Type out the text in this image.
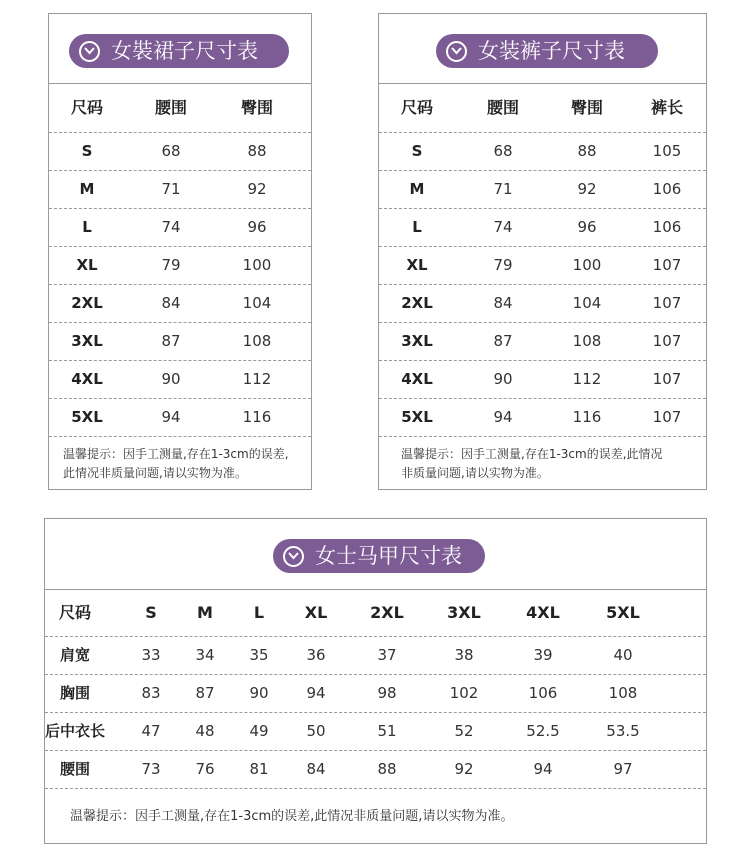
女裝裙子尺寸表
尺码	腰围	臀围
S	68	88
M	71	92
L	74	96
XL	79	100
2XL	84	104
3XL	87	108
4XL	90	112
5XL	94	116
温馨提示：因手工测量,存在1-3cm的误差,
此情况非质量问题,请以实物为准。
女装裤子尺寸表
尺码	腰围	臀围	裤长
S	68	88	105
M	71	92	106
L	74	96	106
XL	79	100	107
2XL	84	104	107
3XL	87	108	107
4XL	90	112	107
5XL	94	116	107
温馨提示：因手工测量,存在1-3cm的误差,此情况
非质量问题,请以实物为准。
女士马甲尺寸表
尺码	S	M	L	XL	2XL	3XL	4XL	5XL
肩宽	33 34 35	36	37	38	39	40
胸围	83 87 90	94	98	102	106	108
后中衣长 47 48 49	50	51	52	52.5	53.5
腰围	73 76 81	84	88	92	94	97
温馨提示：因手工测量,存在1-3cm的误差,此情况非质量问题,请以实物为准。
